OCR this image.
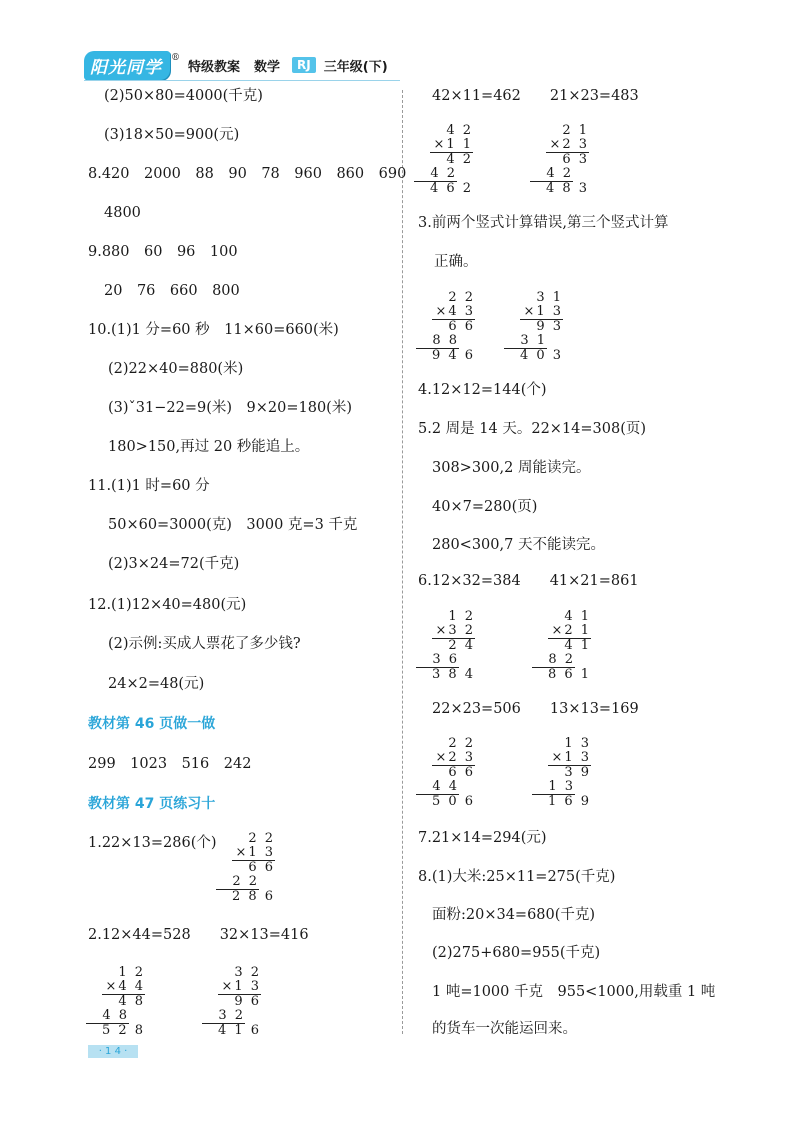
阳光同学	®
特级教案 数学	RJ	三年级(下)
(2)50×80=4000(千克)
(3)18×50=900(元)
8.420　2000　88　90　78　960　860　690
4800
9.880　60　96　100
20　76　660　800
10.(1)1 分=60 秒　11×60=660(米)
(2)22×40=880(米)
(3)ˇ31−22=9(米)　9×20=180(米)
180>150,再过 20 秒能追上。
11.(1)1 时=60 分
50×60=3000(克)　3000 克=3 千克
(2)3×24=72(千克)
12.(1)12×40=480(元)
(2)示例:买成人票花了多少钱?
24×2=48(元)
教材第 46 页做一做
299　1023　516　242
教材第 47 页练习十
1.22×13=286(个)
2.12×44=528　　32×13=416
42×11=462　　21×23=483
3.前两个竖式计算错误,第三个竖式计算
正确。
4.12×12=144(个)
5.2 周是 14 天。22×14=308(页)
308>300,2 周能读完。
40×7=280(页)
280<300,7 天不能读完。
6.12×32=384　　41×21=861
22×23=506　　13×13=169
7.21×14=294(元)
8.(1)大米:25×11=275(千克)
面粉:20×34=680(千克)
(2)275+680=955(千克)
1 吨=1000 千克　955<1000,用载重 1 吨
的货车一次能运回来。
2 2
×1 3
6 6
2 2
2 8 6
1 2
×4 4
4 8
4 8
5 2 8
3 2
×1 3
9 6
3 2
4 1 6
4 2
×1 1
4 2
4 2
4 6 2
2 1
×2 3
6 3
4 2
4 8 3
2 2
×4 3
6 6
8 8
9 4 6
3 1
×1 3
9 3
3 1
4 0 3
1 2
×3 2
2 4
3 6
3 8 4
4 1
×2 1
4 1
8 2
8 6 1
2 2
×2 3
6 6
4 4
5 0 6
1 3
×1 3
3 9
1 3
1 6 9
· 1 4 ·
